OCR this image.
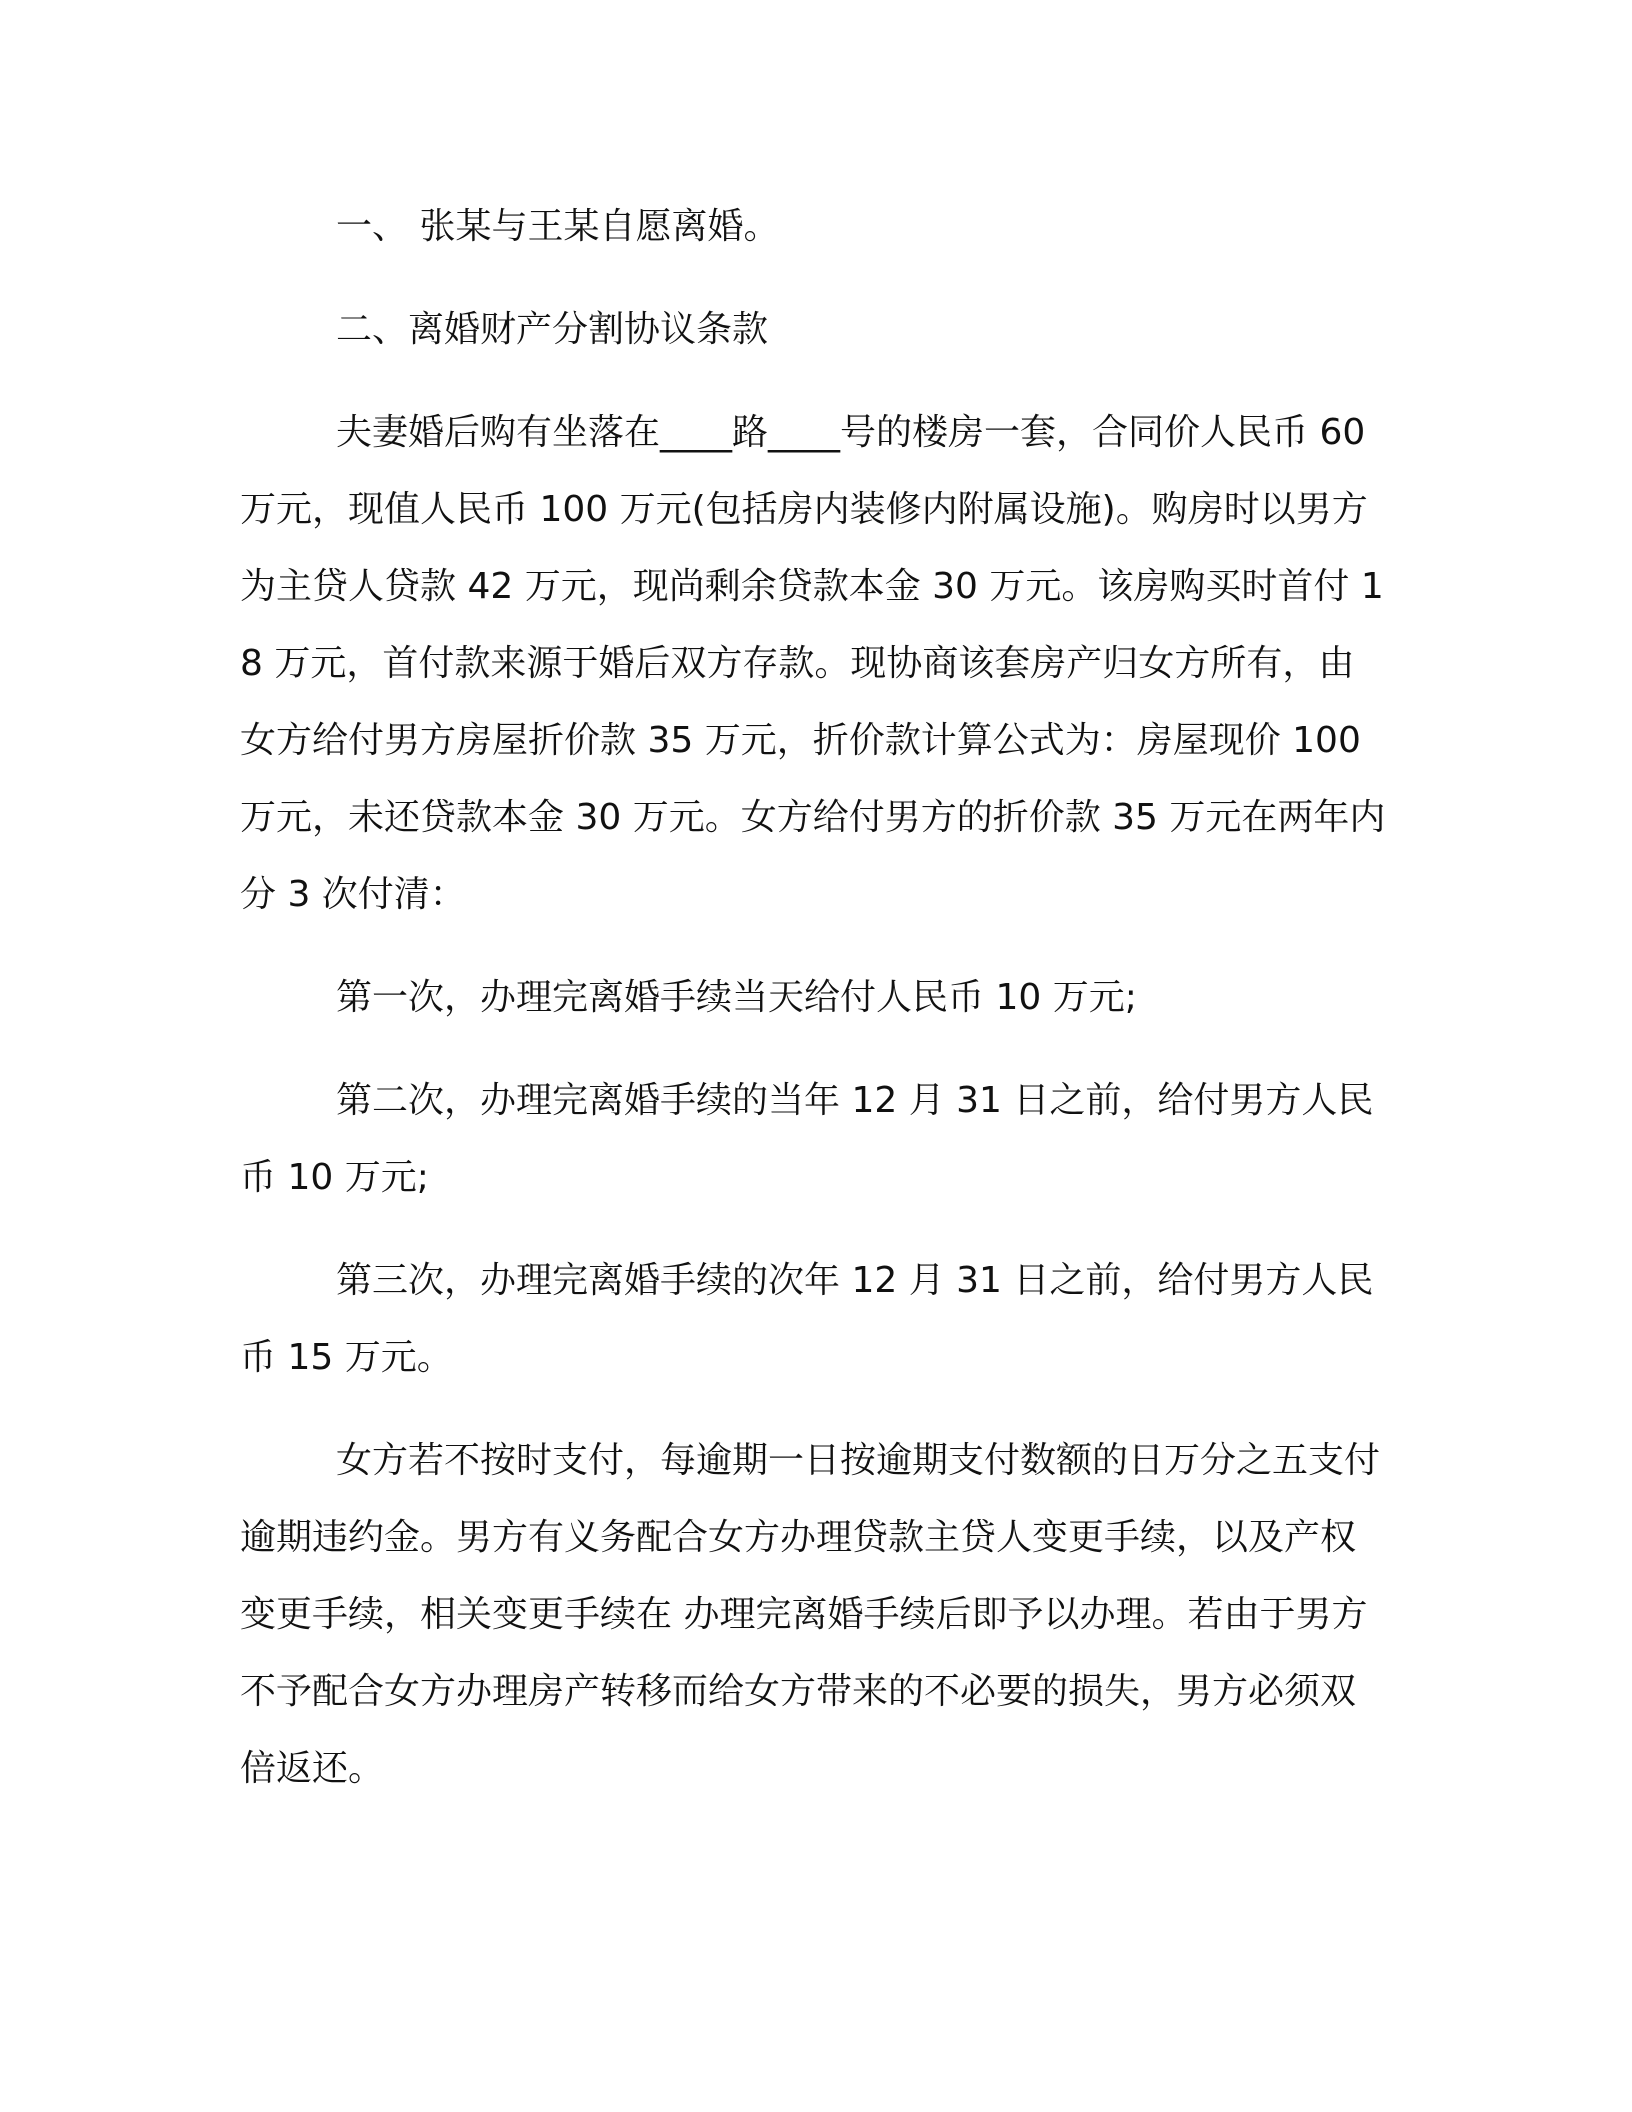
一、 张某与王某自愿离婚。

二、离婚财产分割协议条款

夫妻婚后购有坐落在____路____号的楼房一套，合同价人民币 60 万元，现值人民币 100 万元(包括房内装修内附属设施)。购房时以男方为主贷人贷款 42 万元，现尚剩余贷款本金 30 万元。该房购买时首付 18 万元，首付款来源于婚后双方存款。现协商该套房产归女方所有，由女方给付男方房屋折价款 35 万元，折价款计算公式为：房屋现价 100 万元，未还贷款本金 30 万元。女方给付男方的折价款 35 万元在两年内分 3 次付清：

第一次，办理完离婚手续当天给付人民币 10 万元;

第二次，办理完离婚手续的当年 12 月 31 日之前，给付男方人民币 10 万元;

第三次，办理完离婚手续的次年 12 月 31 日之前，给付男方人民币 15 万元。

女方若不按时支付，每逾期一日按逾期支付数额的日万分之五支付逾期违约金。男方有义务配合女方办理贷款主贷人变更手续，以及产权变更手续，相关变更手续在 办理完离婚手续后即予以办理。若由于男方不予配合女方办理房产转移而给女方带来的不必要的损失，男方必须双倍返还。
